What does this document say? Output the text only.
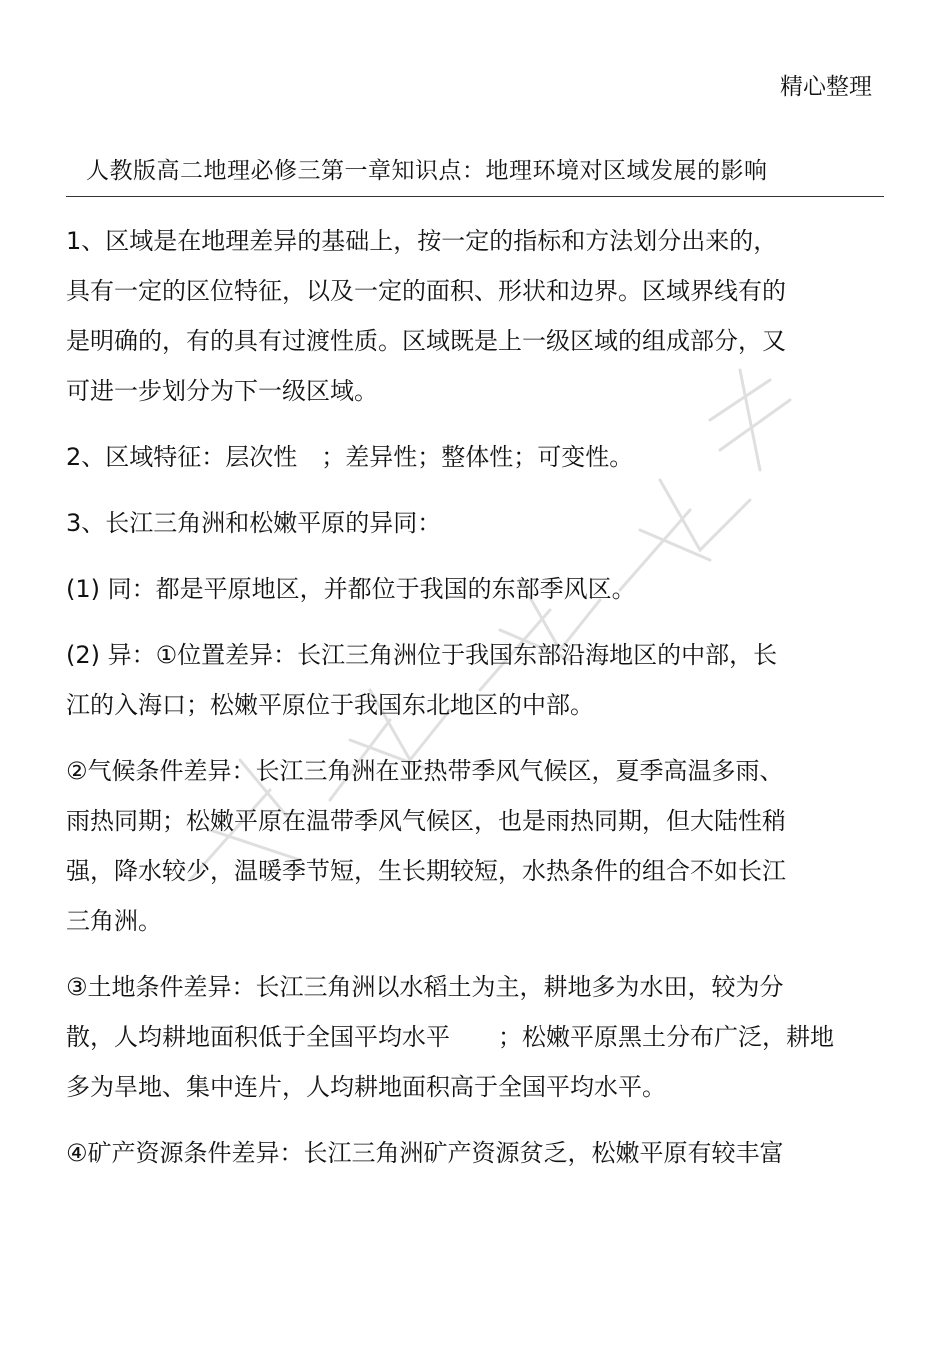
精心整理
人教版高二地理必修三第一章知识点：地理环境对区域发展的影响
1、区域是在地理差异的基础上，按一定的指标和方法划分出来的，
具有一定的区位特征，以及一定的面积、形状和边界。区域界线有的
是明确的，有的具有过渡性质。区域既是上一级区域的组成部分，又
可进一步划分为下一级区域。
2、区域特征：层次性　；差异性；整体性；可变性。
3、长江三角洲和松嫩平原的异同：
(1) 同：都是平原地区，并都位于我国的东部季风区。
(2) 异：①位置差异：长江三角洲位于我国东部沿海地区的中部，长
江的入海口；松嫩平原位于我国东北地区的中部。
②气候条件差异：长江三角洲在亚热带季风气候区，夏季高温多雨、
雨热同期；松嫩平原在温带季风气候区，也是雨热同期，但大陆性稍
强，降水较少，温暖季节短，生长期较短，水热条件的组合不如长江
三角洲。
③土地条件差异：长江三角洲以水稻土为主，耕地多为水田，较为分
散，人均耕地面积低于全国平均水平　　；松嫩平原黑土分布广泛，耕地
多为旱地、集中连片，人均耕地面积高于全国平均水平。
④矿产资源条件差异：长江三角洲矿产资源贫乏，松嫩平原有较丰富
